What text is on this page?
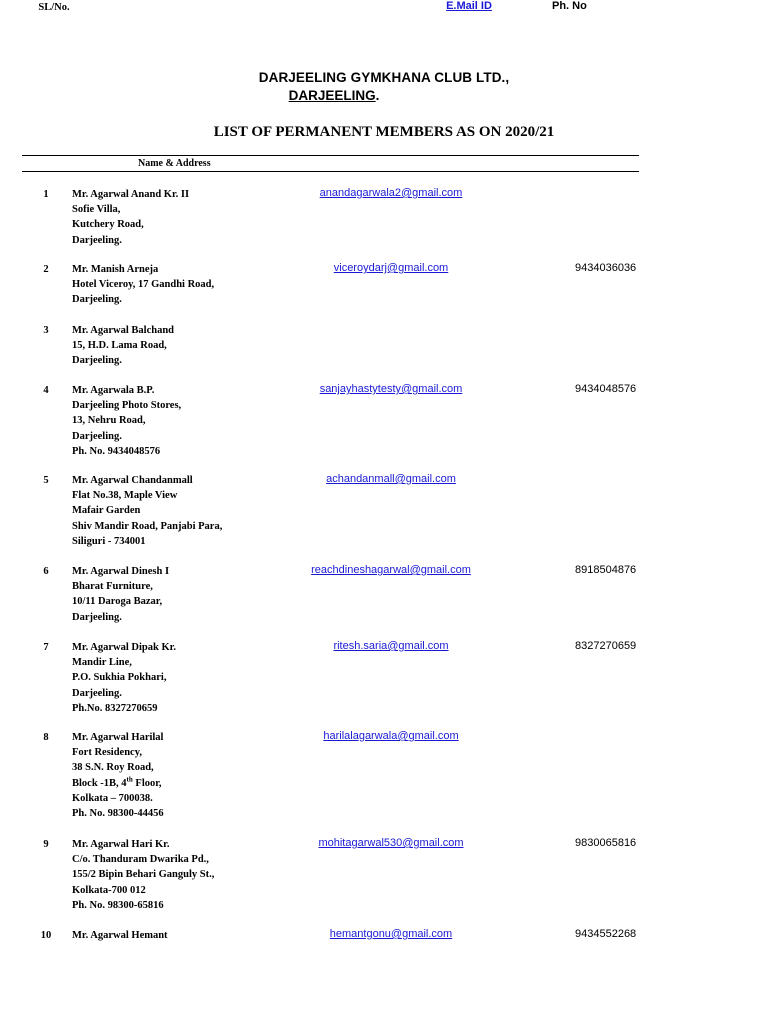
DARJEELING GYMKHANA CLUB LTD.,
DARJEELING.
LIST OF PERMANENT MEMBERS AS ON 2020/21
SL/No.
Name & Address
E.Mail ID	Ph. No
1	Mr. Agarwal Anand Kr. II
Sofie Villa,
Kutchery Road,
Darjeeling.
anandagarwala2@gmail.com
2	Mr. Manish Arneja
Hotel Viceroy, 17 Gandhi Road,
Darjeeling.
viceroydarj@gmail.com	9434036036
3	Mr. Agarwal Balchand
15, H.D. Lama Road,
Darjeeling.
4	Mr. Agarwala B.P.
Darjeeling Photo Stores,
13, Nehru Road,
Darjeeling.
Ph. No. 9434048576
sanjayhastytesty@gmail.com	9434048576
5	Mr. Agarwal Chandanmall
Flat No.38, Maple View
Mafair Garden
Shiv Mandir Road, Panjabi Para,
Siliguri - 734001
achandanmall@gmail.com
6	Mr. Agarwal Dinesh I
Bharat Furniture,
10/11 Daroga Bazar,
Darjeeling.
reachdineshagarwal@gmail.com	8918504876
7	Mr. Agarwal Dipak Kr.
Mandir Line,
P.O. Sukhia Pokhari,
Darjeeling.
Ph.No. 8327270659
ritesh.saria@gmail.com	8327270659
8	Mr. Agarwal Harilal
Fort Residency,
38 S.N. Roy Road,
Block -1B, 4th Floor,
Kolkata – 700038.
Ph. No. 98300-44456
harilalagarwala@gmail.com
9	Mr. Agarwal Hari Kr.
C/o. Thanduram Dwarika Pd.,
155/2 Bipin Behari Ganguly St.,
Kolkata-700 012
Ph. No. 98300-65816
mohitagarwal530@gmail.com	9830065816
10	Mr. Agarwal Hemant	hemantgonu@gmail.com	9434552268
